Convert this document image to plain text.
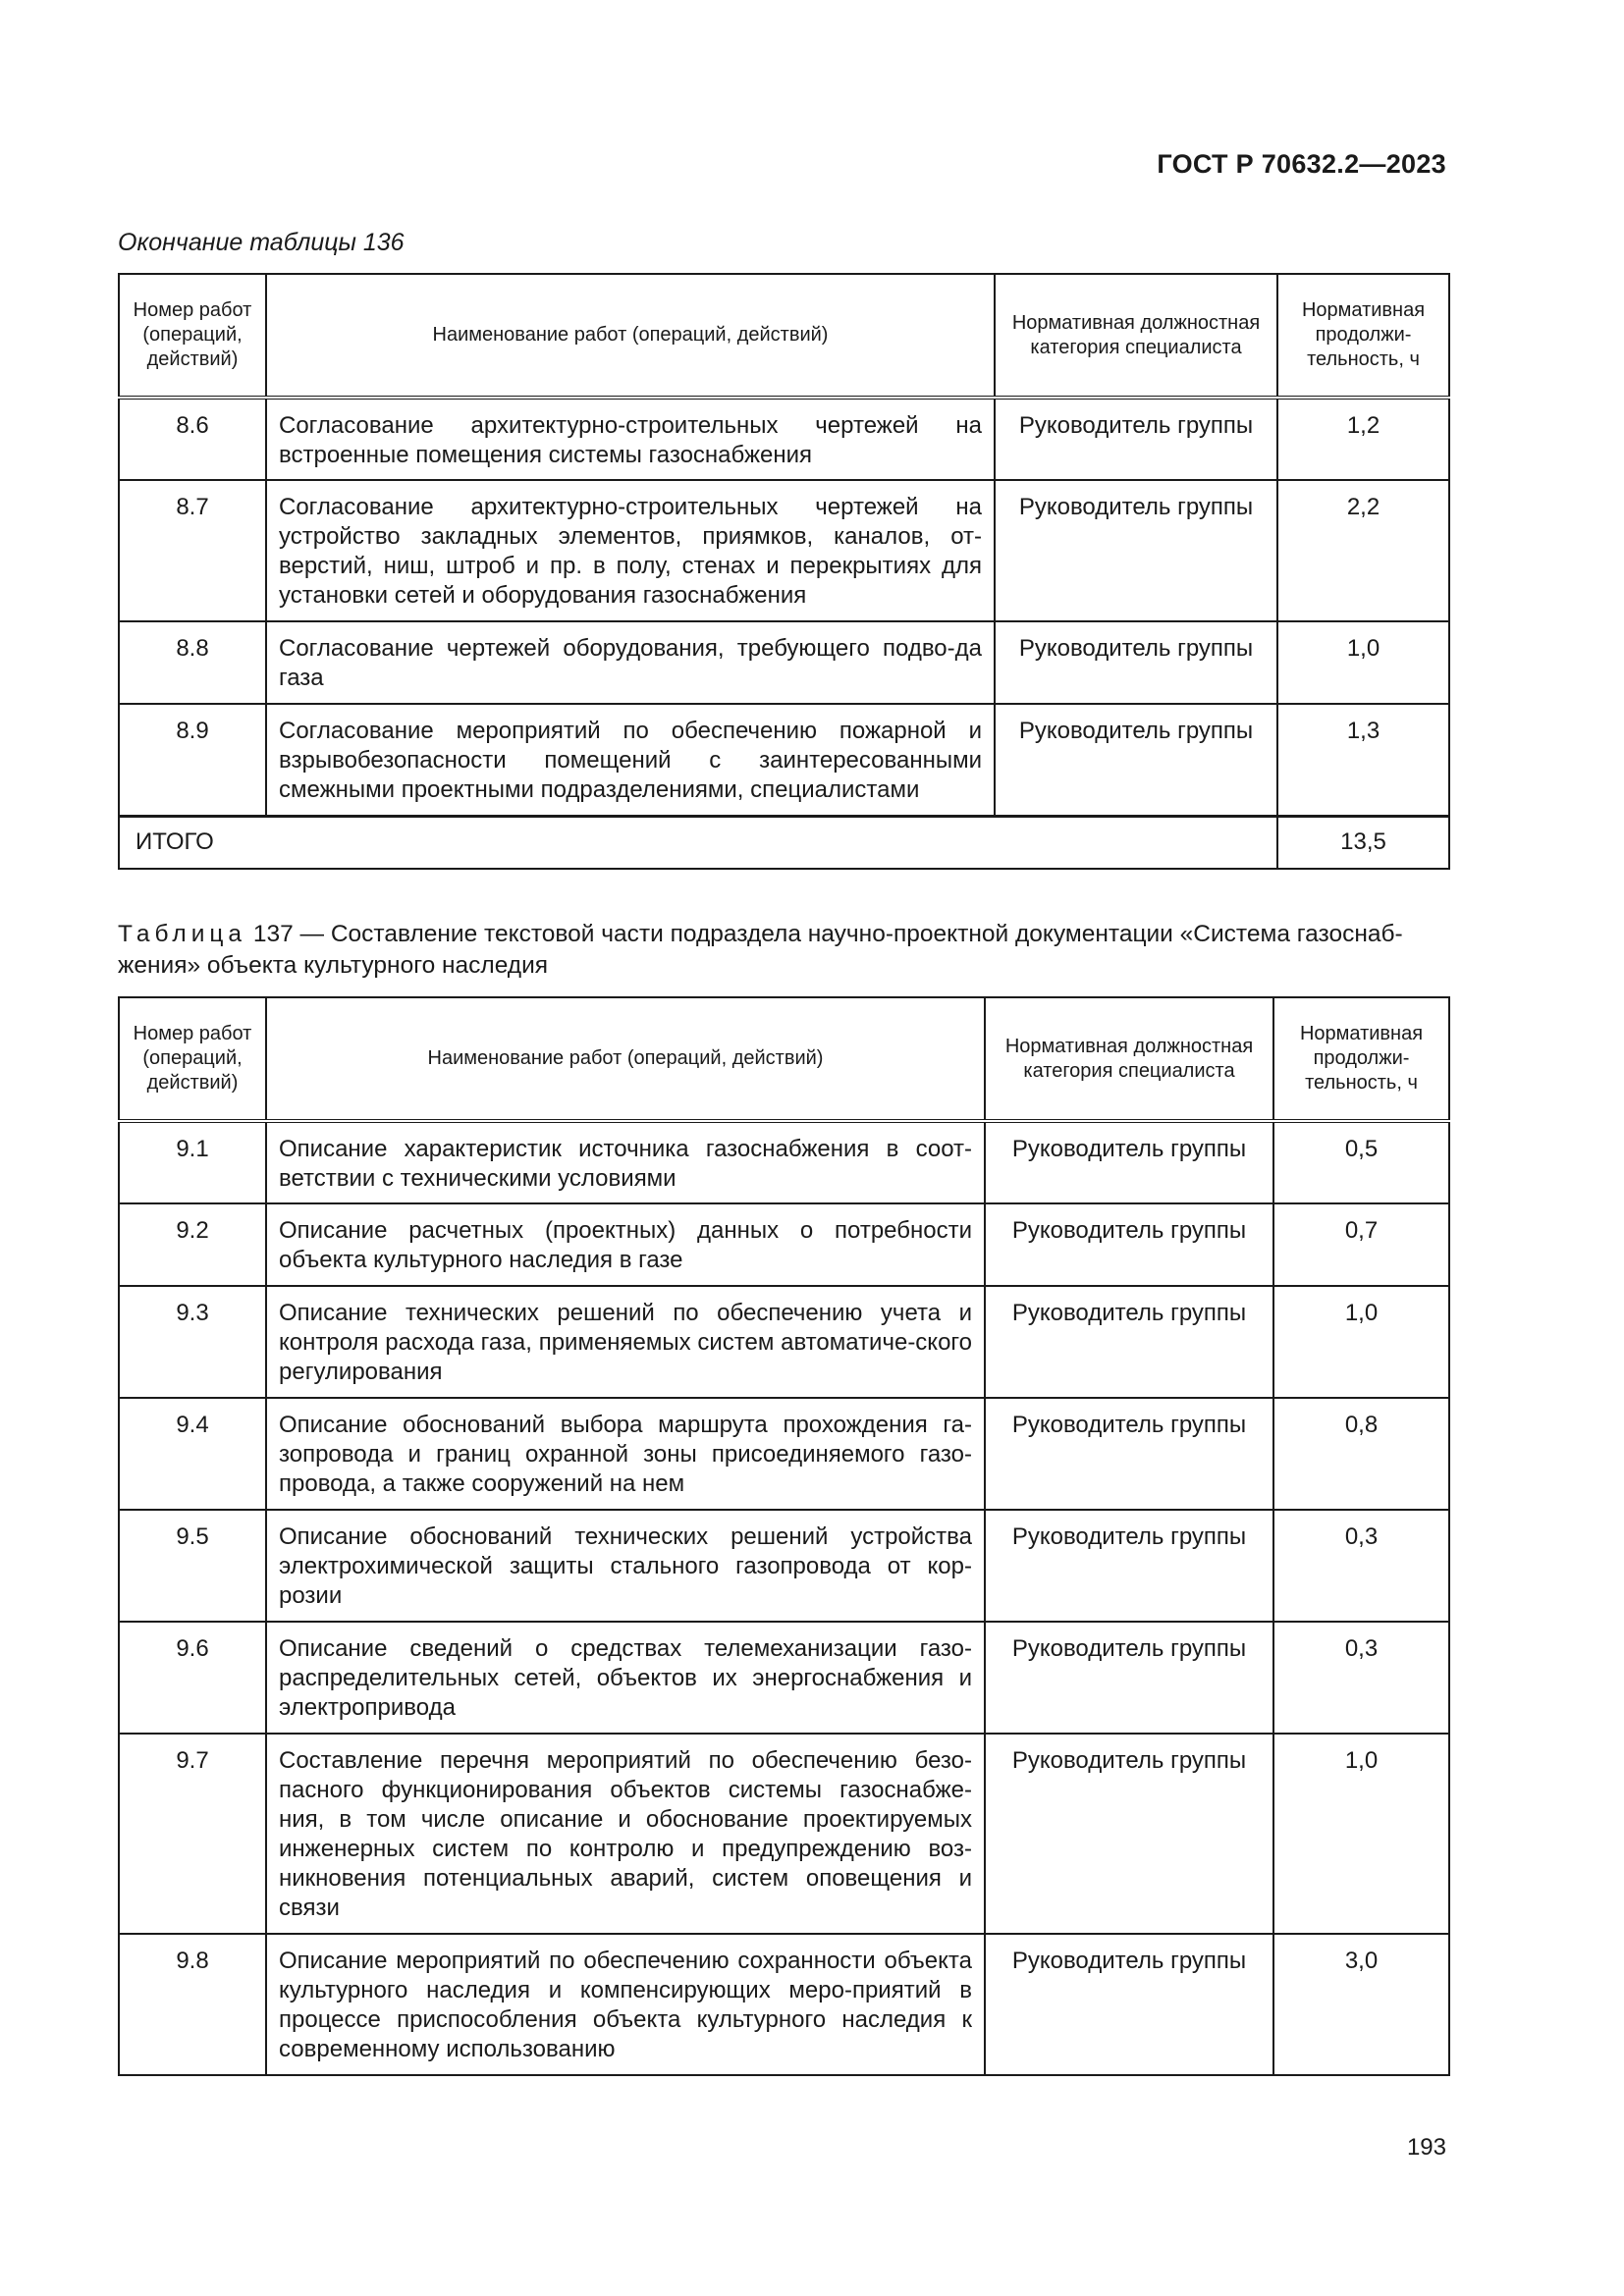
ГОСТ Р 70632.2—2023
Окончание таблицы 136
Номер работ (операций, действий)	Наименование работ (операций, действий)	Нормативная должностная категория специалиста	Нормативная продолжи-тельность, ч
8.6	Согласование архитектурно-строительных чертежей на встроенные помещения системы газоснабжения	Руководитель группы	1,2
8.7	Согласование архитектурно-строительных чертежей на устройство закладных элементов, приямков, каналов, от-верстий, ниш, штроб и пр. в полу, стенах и перекрытиях для установки сетей и оборудования газоснабжения	Руководитель группы	2,2
8.8	Согласование чертежей оборудования, требующего подво-да газа	Руководитель группы	1,0
8.9	Согласование мероприятий по обеспечению пожарной и взрывобезопасности помещений с заинтересованными смежными проектными подразделениями, специалистами	Руководитель группы	1,3
ИТОГО			13,5
Таблица 137 — Составление текстовой части подраздела научно-проектной документации «Система газоснаб-жения» объекта культурного наследия
Номер работ (операций, действий)	Наименование работ (операций, действий)	Нормативная должностная категория специалиста	Нормативная продолжи-тельность, ч
9.1	Описание характеристик источника газоснабжения в соот-ветствии с техническими условиями	Руководитель группы	0,5
9.2	Описание расчетных (проектных) данных о потребности объекта культурного наследия в газе	Руководитель группы	0,7
9.3	Описание технических решений по обеспечению учета и контроля расхода газа, применяемых систем автоматиче-ского регулирования	Руководитель группы	1,0
9.4	Описание обоснований выбора маршрута прохождения га-зопровода и границ охранной зоны присоединяемого газо-провода, а также сооружений на нем	Руководитель группы	0,8
9.5	Описание обоснований технических решений устройства электрохимической защиты стального газопровода от кор-розии	Руководитель группы	0,3
9.6	Описание сведений о средствах телемеханизации газо-распределительных сетей, объектов их энергоснабжения и электропривода	Руководитель группы	0,3
9.7	Составление перечня мероприятий по обеспечению безо-пасного функционирования объектов системы газоснабже-ния, в том числе описание и обоснование проектируемых инженерных систем по контролю и предупреждению воз-никновения потенциальных аварий, систем оповещения и связи	Руководитель группы	1,0
9.8	Описание мероприятий по обеспечению сохранности объекта культурного наследия и компенсирующих меро-приятий в процессе приспособления объекта культурного наследия к современному использованию	Руководитель группы	3,0
193
